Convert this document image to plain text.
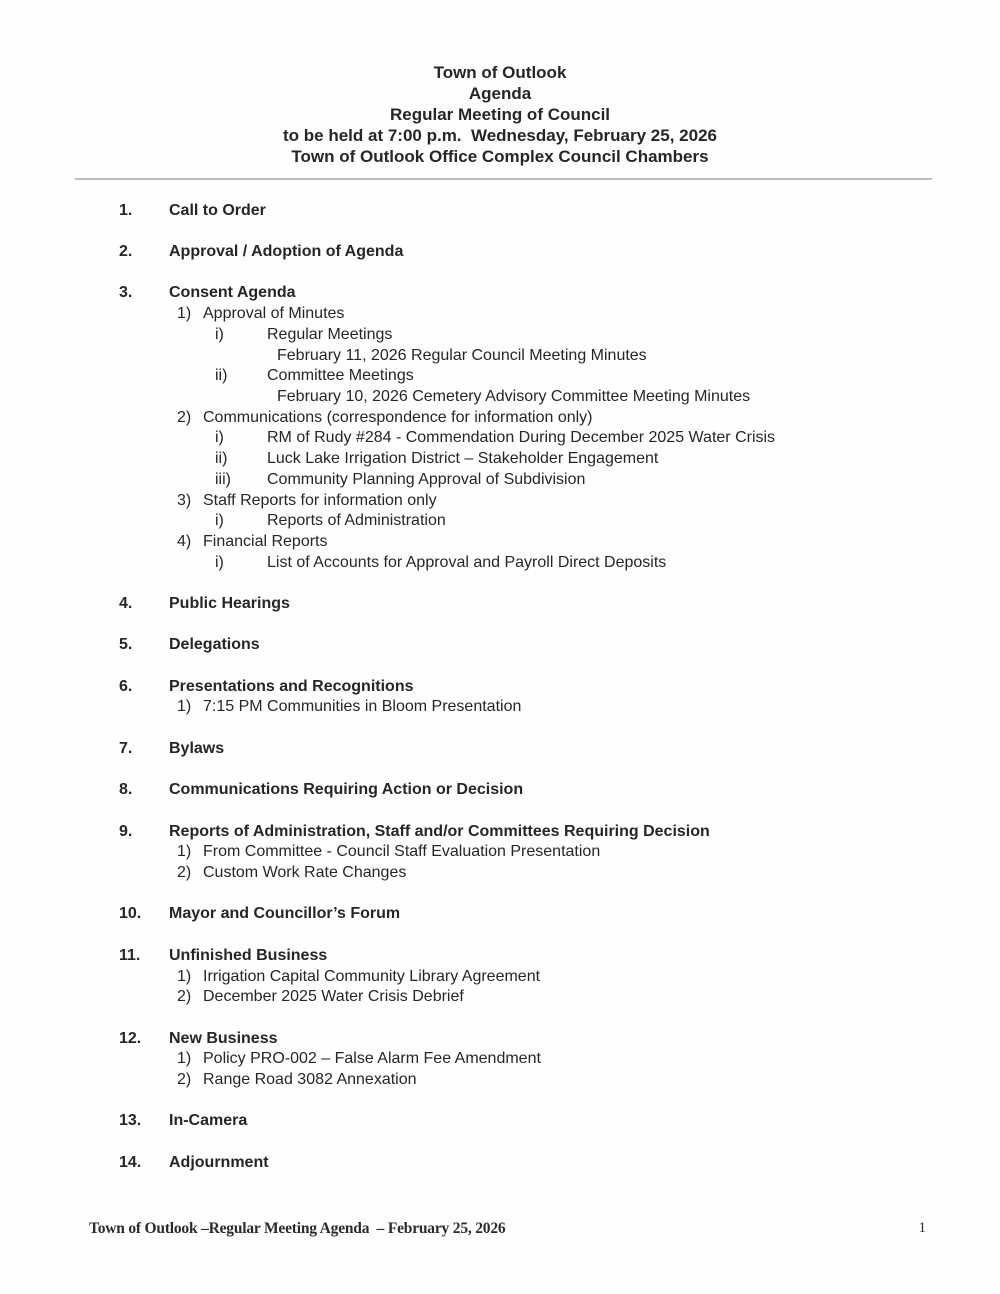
Town of Outlook
Agenda
Regular Meeting of Council
to be held at 7:00 p.m.  Wednesday, February 25, 2026
Town of Outlook Office Complex Council Chambers
1.	Call to Order
2.	Approval / Adoption of Agenda
3.	Consent Agenda
1) Approval of Minutes
i)	Regular Meetings
February 11, 2026 Regular Council Meeting Minutes
ii)	Committee Meetings
February 10, 2026 Cemetery Advisory Committee Meeting Minutes
2) Communications (correspondence for information only)
i)	RM of Rudy #284 - Commendation During December 2025 Water Crisis
ii)	Luck Lake Irrigation District – Stakeholder Engagement
iii)	Community Planning Approval of Subdivision
3) Staff Reports for information only
i)	Reports of Administration
4) Financial Reports
i)	List of Accounts for Approval and Payroll Direct Deposits
4.	Public Hearings
5.	Delegations
6.	Presentations and Recognitions
1) 7:15 PM Communities in Bloom Presentation
7.	Bylaws
8.	Communications Requiring Action or Decision
9.	Reports of Administration, Staff and/or Committees Requiring Decision
1) From Committee - Council Staff Evaluation Presentation
2) Custom Work Rate Changes
10.	Mayor and Councillor’s Forum
11.	Unfinished Business
1) Irrigation Capital Community Library Agreement
2) December 2025 Water Crisis Debrief
12.	New Business
1) Policy PRO-002 – False Alarm Fee Amendment
2) Range Road 3082 Annexation
13.	In-Camera
14.	Adjournment
Town of Outlook –Regular Meeting Agenda  – February 25, 2026	1
